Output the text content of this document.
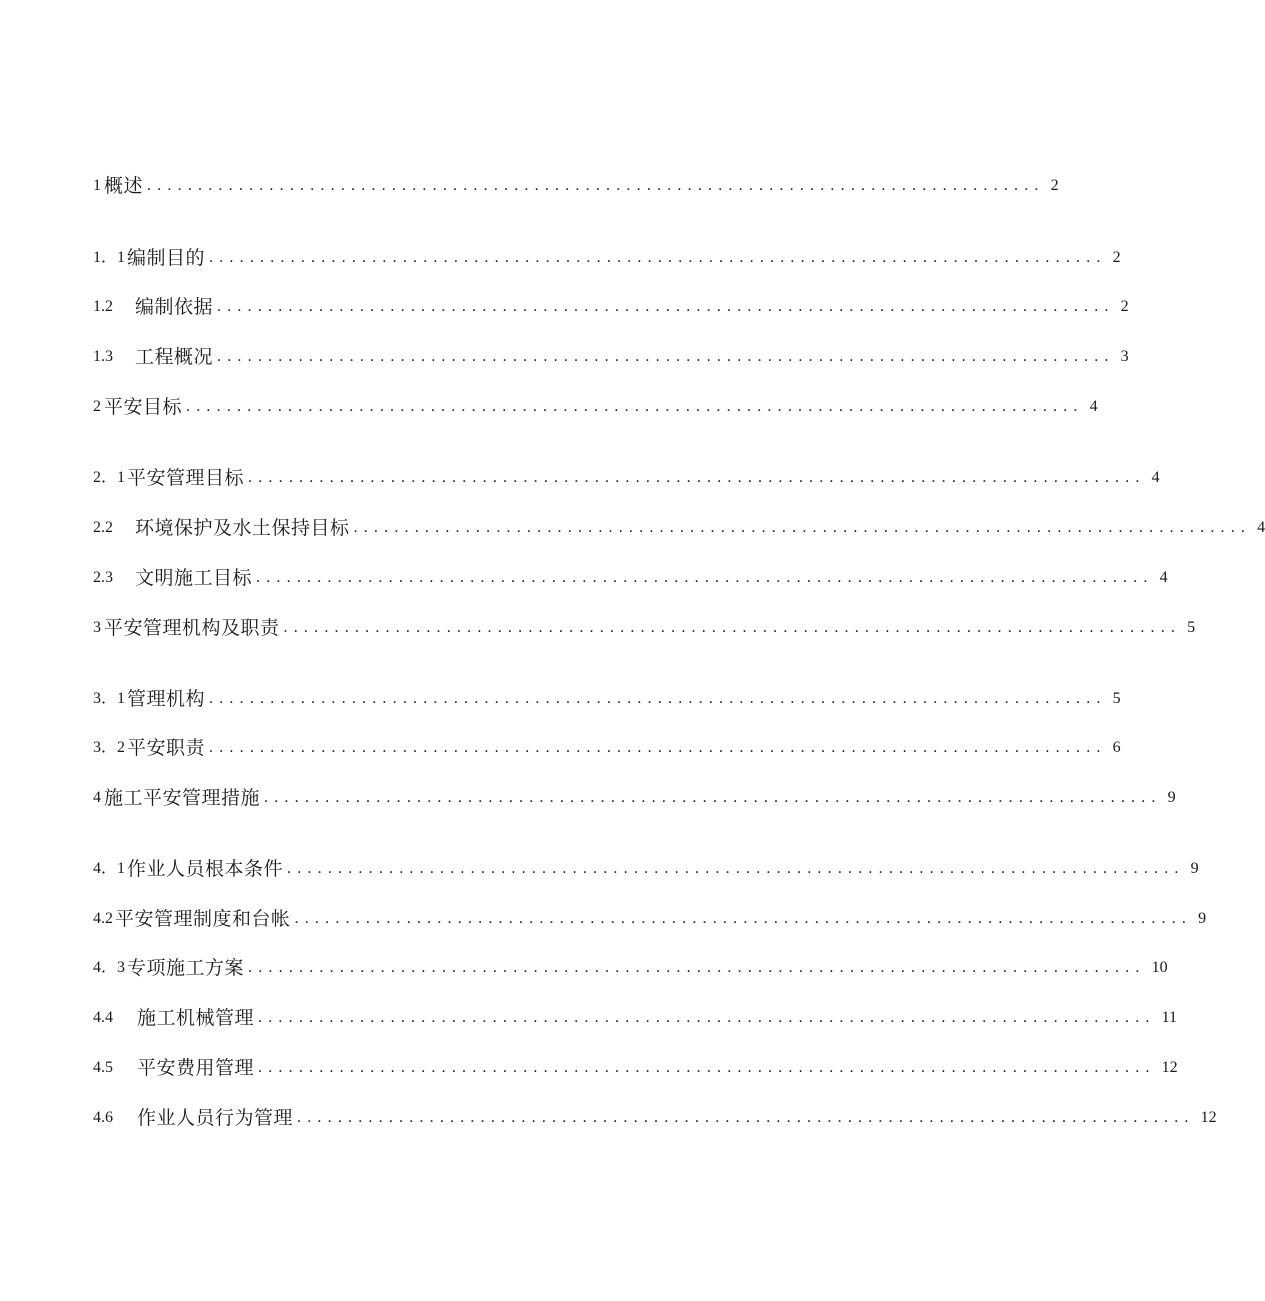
1 概述 ........................................................................................ 2
1．1 编制目的 ........................................................................................ 2
1.2 编制依据 ........................................................................................ 2
1.3 工程概况 ........................................................................................ 3
2 平安目标 ........................................................................................ 4
2．1 平安管理目标 ........................................................................................ 4
2.2 环境保护及水土保持目标 ........................................................................................ 4
2.3 文明施工目标 ........................................................................................ 4
3 平安管理机构及职责 ........................................................................................ 5
3．1 管理机构 ........................................................................................ 5
3．2 平安职责 ........................................................................................ 6
4 施工平安管理措施 ........................................................................................ 9
4．1 作业人员根本条件 ........................................................................................ 9
4.2 平安管理制度和台帐 ........................................................................................ 9
4．3 专项施工方案 ........................................................................................ 10
4.4 施工机械管理 ........................................................................................ 11
4.5 平安费用管理 ........................................................................................ 12
4.6 作业人员行为管理 ........................................................................................ 12
